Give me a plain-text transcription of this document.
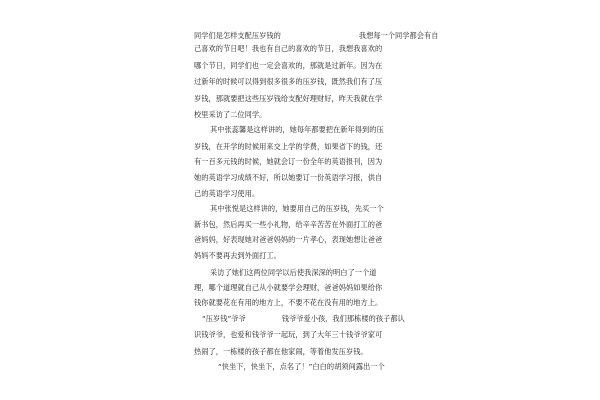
同学们是怎样支配压岁钱的	我想每一个同学都会有自
己喜欢的节日吧！我也有自己的喜欢的节日，我想我喜欢的
哪个节日，同学们也一定会喜欢的，那就是过新年。因为在
过新年的时候可以得到很多很多的压岁钱，既然我们有了压
岁钱，那就要把这些压岁钱给支配好理财好，昨天我就在学
校里采访了二位同学。
其中张蕊馨是这样讲的，她每年都要把在新年得到的压
岁钱，在开学的时候用来交上学的学费，如果省下的钱，还
有一百多元钱的时候，她就会订一份全年的英语报刊，因为
她的英语学习成绩不好，所以她要订一份英语学习报，供自
己的英语学习使用。
其中张悦是这样讲的，她要用自己的压岁钱，先买一个
新书包，然后再买一些小礼物，给辛辛苦苦在外面打工的爸
爸妈妈，好表现她对爸爸妈妈的一片孝心，表现她想让爸爸
妈妈不要再去到外面打工。
采访了她们这两位同学以后使我深深的明白了一个道
理，哪个道理就自己从小就要学会理财，爸爸妈妈如果给你
钱你就要花在有用的地方上，不要不花在没有用的地方上。
“压岁钱”爷爷	钱爷爷爱小孩，我们那栋楼的孩子都认
识钱爷爷，也爱和钱爷爷一起玩，到了大年三十钱爷爷家可
热闹了，一栋楼的孩子都在他家闹，等着他发压岁钱。
“快坐下，快坐下，点名了！”白白的胡须间露出一个
